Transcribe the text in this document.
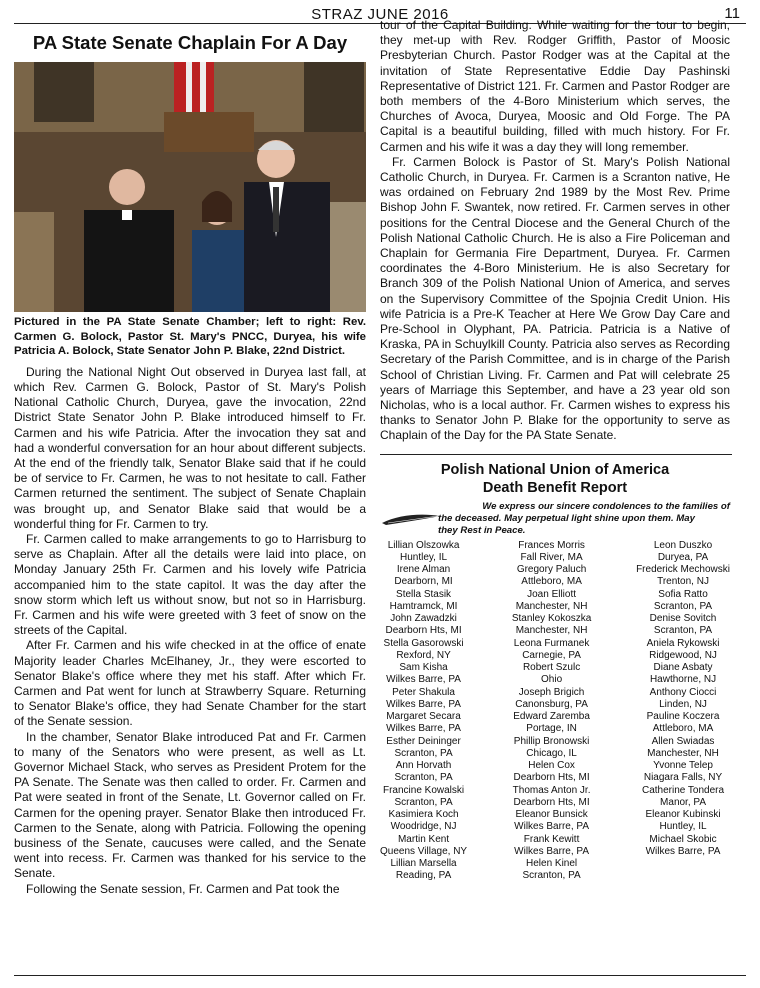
STRAZ JUNE 2016	11
PA State Senate Chaplain For A Day
Pictured in the PA State Senate Chamber; left to right: Rev. Carmen G. Bolock, Pastor St. Mary's PNCC, Duryea, his wife Patricia A. Bolock, State Senator John P. Blake, 22nd District.

During the National Night Out observed in Duryea last fall, at which Rev. Carmen G. Bolock, Pastor of St. Mary's Polish National Catholic Church, Duryea, gave the invocation, 22nd District State Senator John P. Blake introduced himself to Fr. Carmen and his wife Patricia. After the invocation they sat and had a wonderful conversation for an hour about different subjects. At the end of the friendly talk, Senator Blake said that if he could be of service to Fr. Carmen, he was to not hesitate to call. Father Carmen returned the sentiment. The subject of Senate Chaplain was brought up, and Senator Blake said that would be a wonderful thing for Fr. Carmen to try.

Fr. Carmen called to make arrangements to go to Harrisburg to serve as Chaplain. After all the details were laid into place, on Monday January 25th Fr. Carmen and his lovely wife Patricia accompanied him to the state capitol. It was the day after the snow storm which left us without snow, but not so in Harrisburg. Fr. Carmen and his wife were greeted with 3 feet of snow on the streets of the Capital.

After Fr. Carmen and his wife checked in at the office of enate Majority leader Charles McElhaney, Jr., they were escorted to Senator Blake's office where they met his staff. After which Fr. Carmen and Pat went for lunch at Strawberry Square. Returning to Senator Blake's office, they had Senate Chamber for the start of the Senate session.

In the chamber, Senator Blake introduced Pat and Fr. Carmen to many of the Senators who were present, as well as Lt. Governor Michael Stack, who serves as President Protem for the PA Senate. The Senate was then called to order. Fr. Carmen and Pat were seated in front of the Senate, Lt. Governor called on Fr. Carmen for the opening prayer. Senator Blake then introduced Fr. Carmen to the Senate, along with Patricia. Following the opening business of the Senate, caucuses were called, and the Senate went into recess. Fr. Carmen was thanked for his service to the Senate.

Following the Senate session, Fr. Carmen and Pat took the

tour of the Capital Building. While waiting for the tour to begin, they met-up with Rev. Rodger Griffith, Pastor of Moosic Presbyterian Church. Pastor Rodger was at the Capital at the invitation of State Representative Eddie Day Pashinski Representative of District 121. Fr. Carmen and Pastor Rodger are both members of the 4-Boro Ministerium which serves, the Churches of Avoca, Duryea, Moosic and Old Forge. The PA Capital is a beautiful building, filled with much history. For Fr. Carmen and his wife it was a day they will long remember.

Fr. Carmen Bolock is Pastor of St. Mary's Polish National Catholic Church, in Duryea. Fr. Carmen is a Scranton native, He was ordained on February 2nd 1989 by the Most Rev. Prime Bishop John F. Swantek, now retired. Fr. Carmen serves in other positions for the Central Diocese and the General Church of the Polish National Catholic Church. He is also a Fire Policeman and Chaplain for Germania Fire Department, Duryea. Fr. Carmen coordinates the 4-Boro Ministerium. He is also Secretary for Branch 309 of the Polish National Union of America, and serves on the Supervisory Committee of the Spojnia Credit Union. His wife Patricia is a Pre-K Teacher at Here We Grow Day Care and Pre-School in Olyphant, PA. Patricia. Patricia is a Native of Kraska, PA in Schuylkill County. Patricia also serves as Recording Secretary of the Parish Committee, and is in charge of the Parish School of Christian Living. Fr. Carmen and Pat will celebrate 25 years of Marriage this September, and have a 23 year old son Nicholas, who is a local author. Fr. Carmen wishes to express his thanks to Senator John P. Blake for the opportunity to serve as Chaplain of the Day for the PA State Senate.

Polish National Union of America
Death Benefit Report
We express our sincere condolences to the families of
the deceased. May perpetual light shine upon them. May
they Rest in Peace.
Lillian Olszowka
Huntley, IL
Irene Alman
Dearborn, MI
Stella Stasik
Hamtramck, MI
John Zawadzki
Dearborn Hts, MI
Stella Gasorowski
Rexford, NY
Sam Kisha
Wilkes Barre, PA
Peter Shakula
Wilkes Barre, PA
Margaret Secara
Wilkes Barre, PA
Esther Deininger
Scranton, PA
Ann Horvath
Scranton, PA
Francine Kowalski
Scranton, PA
Kasimiera Koch
Woodridge, NJ
Martin Kent
Queens Village, NY
Lillian Marsella
Reading, PA
Frances Morris
Fall River, MA
Gregory Paluch
Attleboro, MA
Joan Elliott
Manchester, NH
Stanley Kokoszka
Manchester, NH
Leona Furmanek
Carnegie, PA
Robert Szulc
Ohio
Joseph Brigich
Canonsburg, PA
Edward Zaremba
Portage, IN
Phillip Bronowski
Chicago, IL
Helen Cox
Dearborn Hts, MI
Thomas Anton Jr.
Dearborn Hts, MI
Eleanor Bunsick
Wilkes Barre, PA
Frank Kewitt
Wilkes Barre, PA
Helen Kinel
Scranton, PA
Leon Duszko
Duryea, PA
Frederick Mechowski
Trenton, NJ
Sofia Ratto
Scranton, PA
Denise Sovitch
Scranton, PA
Aniela Rykowski
Ridgewood, NJ
Diane Asbaty
Hawthorne, NJ
Anthony Ciocci
Linden, NJ
Pauline Koczera
Attleboro, MA
Allen Swiadas
Manchester, NH
Yvonne Telep
Niagara Falls, NY
Catherine Tondera
Manor, PA
Eleanor Kubinski
Huntley, IL
Michael Skobic
Wilkes Barre, PA
